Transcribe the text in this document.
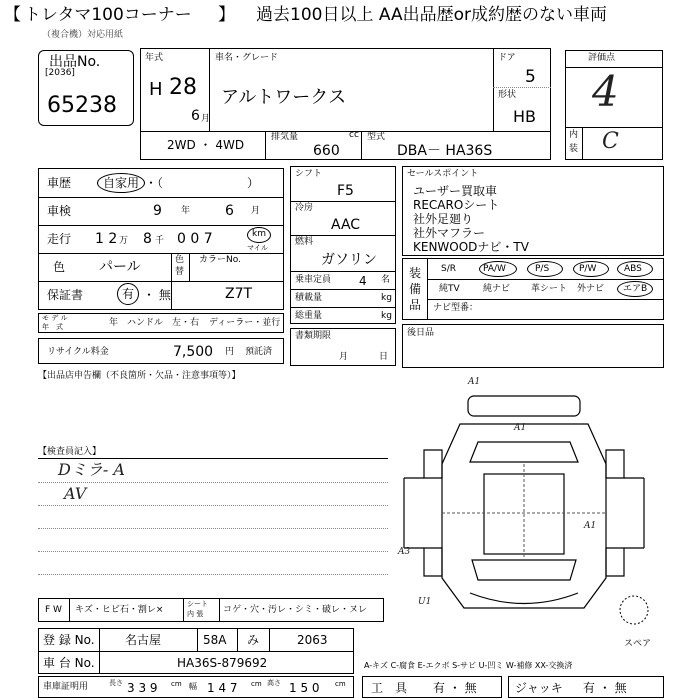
【 トレタマ100コーナー 】 過去100日以上 AA出品歴or成約歴のない車両
（複合機）対応用紙
出品No.
[2036]
65238
年式
H 28
6 月
車名・グレード
アルトワークス
ドア
5
形状
HB
2WD ・ 4WD
排気量	cc
660
型式
DBA－ HA36S
評価点
4
内
装 C
車歴	自家用 ・（　　　　　　　）
車検	9 年 6 月
走行 1 2 万 8 千 0 0 7	km
マイル
色 パール	色
替
カラーNo.
保証書	有 ・ 無	Z7T
モ デ ル
年　式	年 ハンドル　左・右 ディーラー・並行
リサイクル料金	7,500 円 預託済
シフト
F5
冷房
AAC
燃料
ガソリン
乗車定員 4 名
積載量	kg
総重量	kg
書類期限
月	日
セールスポイント
ユーザー買取車
RECAROシート
社外足廻り
社外マフラー
KENWOODナビ・TV
装
備
品
S/R	PA/W	P/S	P/W	ABS
純TV	純ナビ 革シート 外ナビ エアB
ナビ型番：
後日品
【出品店申告欄（不良箇所・欠品・注意事項等）】
【検査員記入】
Dミラ- A
AV
A1
A1
A1
A3
U1
スペア
F W キズ・ヒビ石・割レ×
シート
内 張 コゲ・穴・汚レ・シミ・破レ・ヌレ
登 録 No.	名古屋	58A み	2063
車 台 No.	HA36S-879692	A-キズ C-腐食 E-エクボ S-サビ U-凹ミ W-補修 XX-交換済
車庫証明用	長さ 3 3 9 cm 幅 1 4 7 cm 高さ 1 5 0 cm 工　具 有 ・ 無	ジャッキ 有 ・ 無
